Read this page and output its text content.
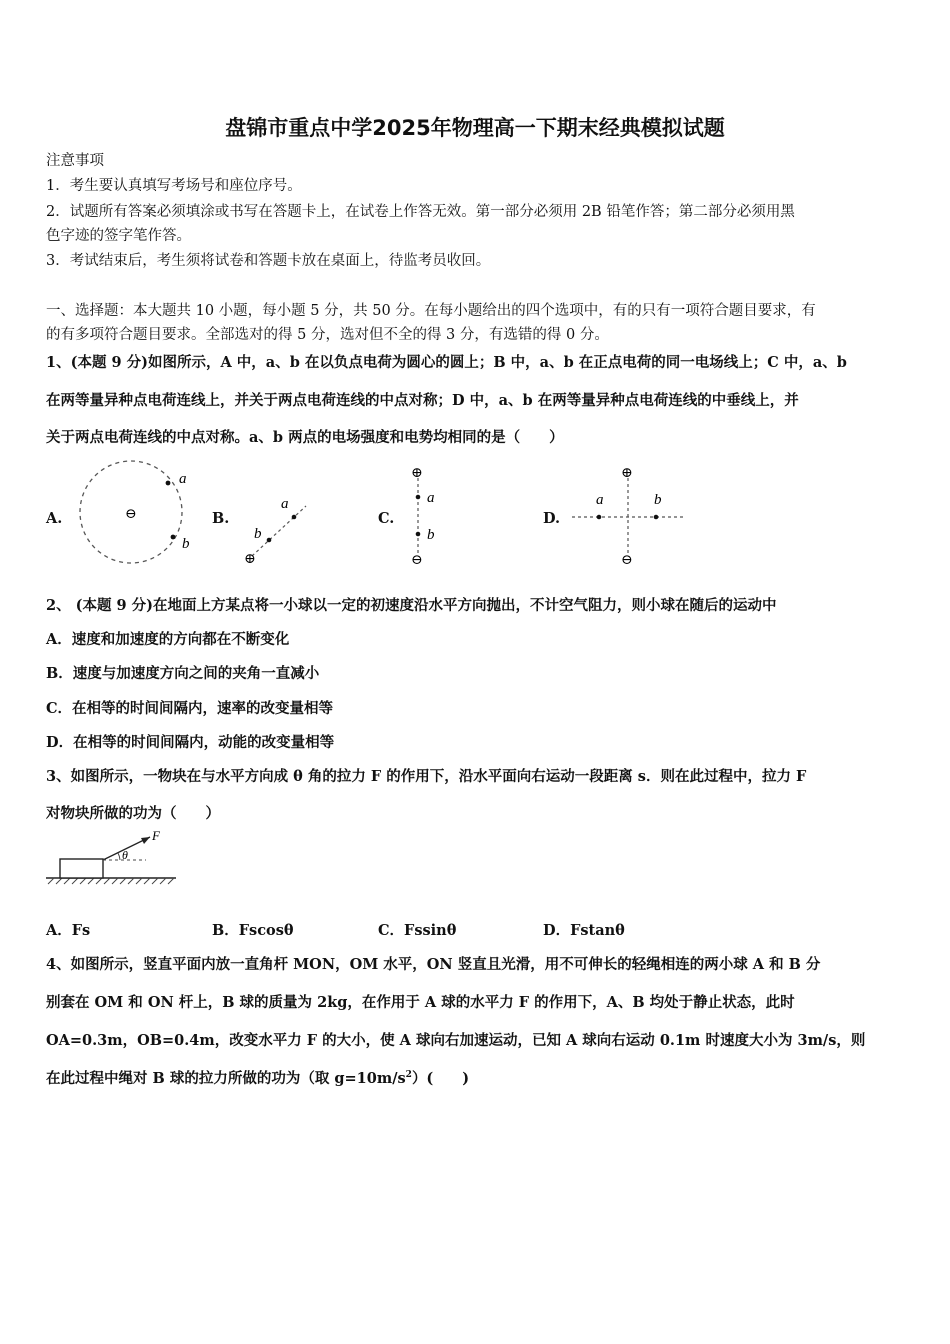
盘锦市重点中学2025年物理高一下期末经典模拟试题
注意事项
1．考生要认真填写考场号和座位序号。
2．试题所有答案必须填涂或书写在答题卡上，在试卷上作答无效。第一部分必须用 2B 铅笔作答；第二部分必须用黑
色字迹的签字笔作答。
3．考试结束后，考生须将试卷和答题卡放在桌面上，待监考员收回。
一、选择题：本大题共 10 小题，每小题 5 分，共 50 分。在每小题给出的四个选项中，有的只有一项符合题目要求，有
的有多项符合题目要求。全部选对的得 5 分，选对但不全的得 3 分，有选错的得 0 分。
1、(本题 9 分)如图所示，A 中，a、b 在以负点电荷为圆心的圆上；B 中，a、b 在正点电荷的同一电场线上；C 中，a、b
在两等量异种点电荷连线上，并关于两点电荷连线的中点对称；D 中，a、b 在两等量异种点电荷连线的中垂线上，并
关于两点电荷连线的中点对称。a、b 两点的电场强度和电势均相同的是（　　）
A.	⊖
a
b
B.
⊕
b
a
C.
⊕
a
b
⊖
D.
⊕
⊖
a	b
2、 (本题 9 分)在地面上方某点将一小球以一定的初速度沿水平方向抛出，不计空气阻力，则小球在随后的运动中
A．速度和加速度的方向都在不断变化
B．速度与加速度方向之间的夹角一直减小
C．在相等的时间间隔内，速率的改变量相等
D．在相等的时间间隔内，动能的改变量相等
3、如图所示，一物块在与水平方向成 θ 角的拉力 F 的作用下，沿水平面向右运动一段距离 s．则在此过程中，拉力 F
对物块所做的功为（　　）
θ
F
A．Fs	B．Fscosθ	C．Fssinθ	D．Fstanθ
4、如图所示，竖直平面内放一直角杆 MON，OM 水平，ON 竖直且光滑，用不可伸长的轻绳相连的两小球 A 和 B 分
别套在 OM 和 ON 杆上，B 球的质量为 2kg，在作用于 A 球的水平力 F 的作用下，A、B 均处于静止状态，此时
OA=0.3m，OB=0.4m，改变水平力 F 的大小，使 A 球向右加速运动，已知 A 球向右运动 0.1m 时速度大小为 3m/s，则
在此过程中绳对 B 球的拉力所做的功为（取 $g=10m/s^2$）(　　)
